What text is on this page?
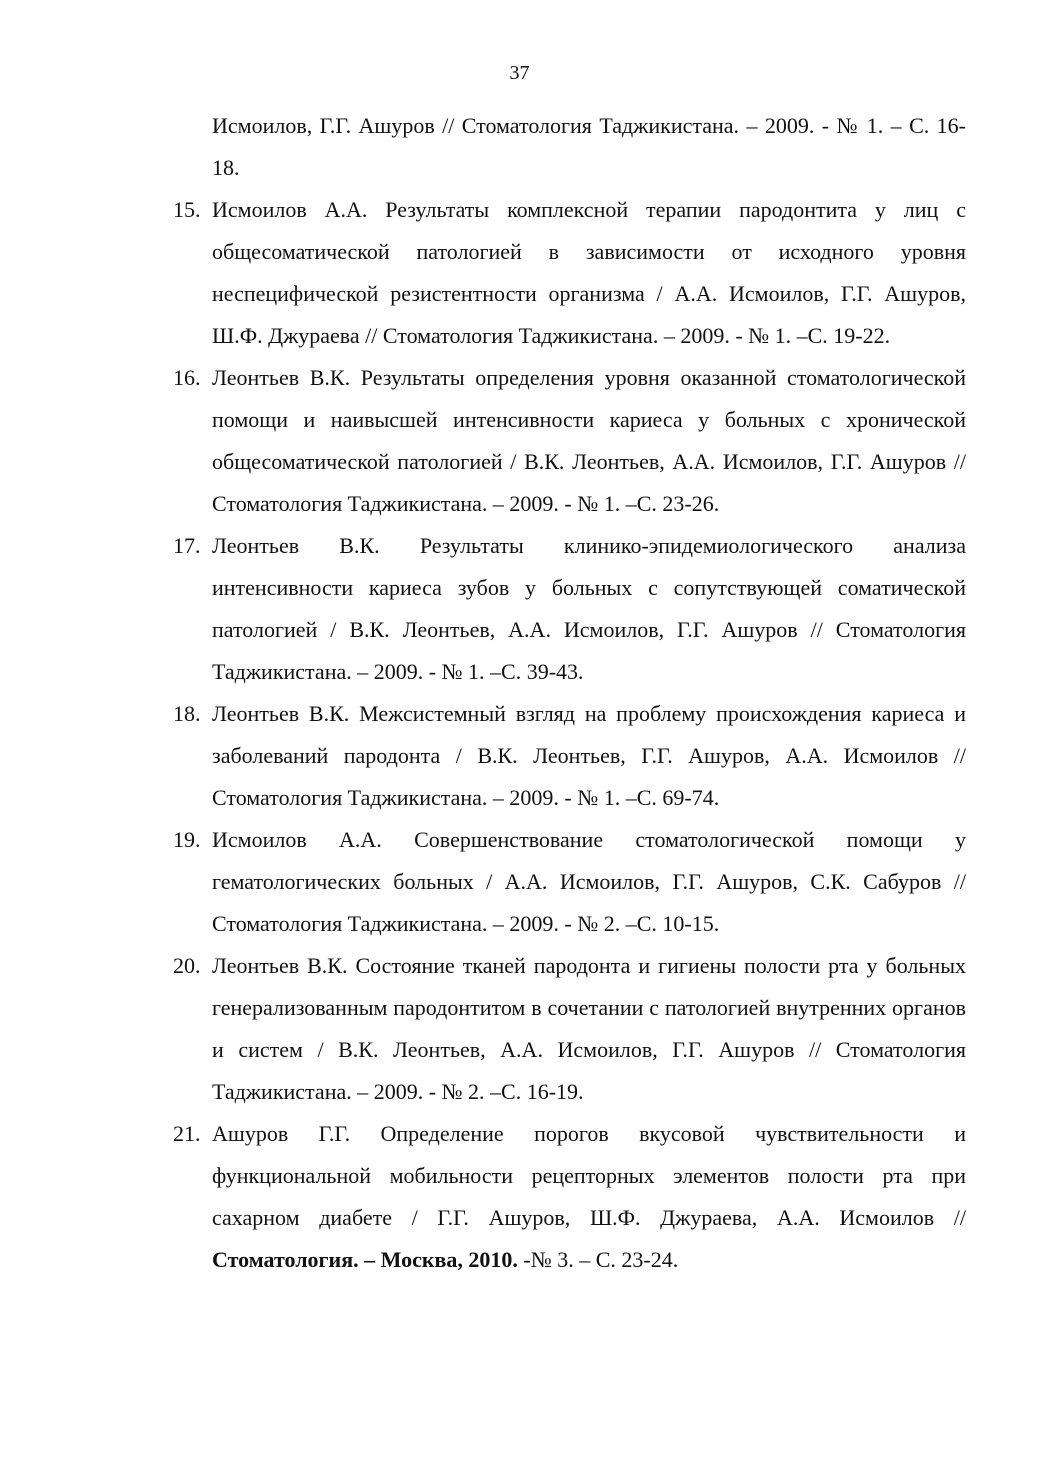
37

Исмоилов, Г.Г. Ашуров // Стоматология Таджикистана. – 2009. - № 1. – С. 16-18.

15. Исмоилов А.А. Результаты комплексной терапии пародонтита у лиц с общесоматической патологией в зависимости от исходного уровня неспецифической резистентности организма / А.А. Исмоилов, Г.Г. Ашуров, Ш.Ф. Джураева // Стоматология Таджикистана. – 2009. - № 1. –С. 19-22.
16. Леонтьев В.К. Результаты определения уровня оказанной стоматологической помощи и наивысшей интенсивности кариеса у больных с хронической общесоматической патологией / В.К. Леонтьев, А.А. Исмоилов, Г.Г. Ашуров // Стоматология Таджикистана. – 2009. - № 1. –С. 23-26.
17. Леонтьев В.К. Результаты клинико-эпидемиологического анализа интенсивности кариеса зубов у больных с сопутствующей соматической патологией / В.К. Леонтьев, А.А. Исмоилов, Г.Г. Ашуров // Стоматология Таджикистана. – 2009. - № 1. –С. 39-43.
18. Леонтьев В.К. Межсистемный взгляд на проблему происхождения кариеса и заболеваний пародонта / В.К. Леонтьев, Г.Г. Ашуров, А.А. Исмоилов // Стоматология Таджикистана. – 2009. - № 1. –С. 69-74.
19. Исмоилов А.А. Совершенствование стоматологической помощи у гематологических больных / А.А. Исмоилов, Г.Г. Ашуров, С.К. Сабуров // Стоматология Таджикистана. – 2009. - № 2. –С. 10-15.
20. Леонтьев В.К. Состояние тканей пародонта и гигиены полости рта у больных генерализованным пародонтитом в сочетании с патологией внутренних органов и систем / В.К. Леонтьев, А.А. Исмоилов, Г.Г. Ашуров // Стоматология Таджикистана. – 2009. - № 2. –С. 16-19.
21. Ашуров Г.Г. Определение порогов вкусовой чувствительности и функциональной мобильности рецепторных элементов полости рта при сахарном диабете / Г.Г. Ашуров, Ш.Ф. Джураева, А.А. Исмоилов // Стоматология. – Москва, 2010. -№ 3. – С. 23-24.
